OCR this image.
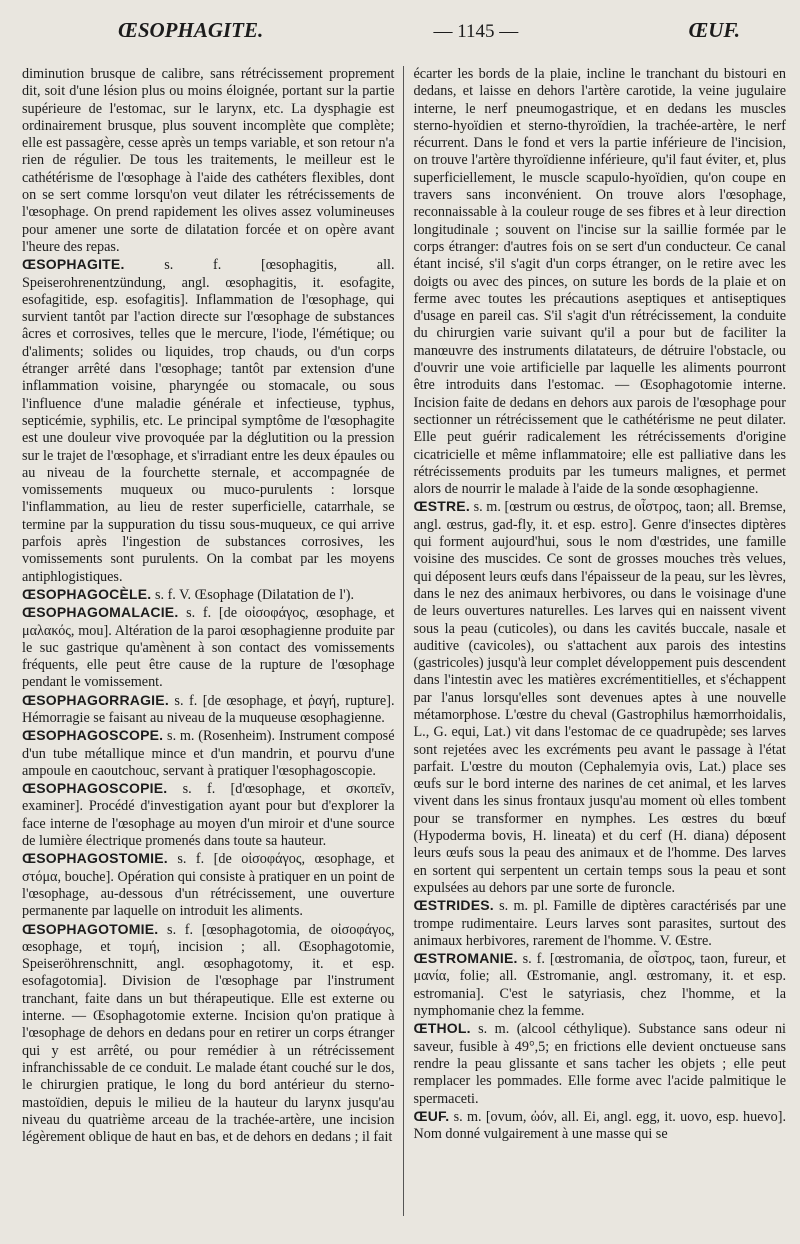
ŒSOPHAGITE.	— 1145 —	ŒUF.

diminution brusque de calibre, sans rétrécissement proprement dit, soit d'une lésion plus ou moins éloignée, portant sur la partie supérieure de l'estomac, sur le larynx, etc. La dysphagie est ordinairement brusque, plus souvent incomplète que complète; elle est passagère, cesse après un temps variable, et son retour n'a rien de régulier. De tous les traitements, le meilleur est le cathétérisme de l'œsophage à l'aide des cathéters flexibles, dont on se sert comme lorsqu'on veut dilater les rétrécissements de l'œsophage. On prend rapidement les olives assez volumineuses pour amener une sorte de dilatation forcée et on opère avant l'heure des repas.

ŒSOPHAGITE. s. f. [œsophagitis, all. Speiserohrenentzündung, angl. œsophagitis, it. esofagite, esofagitide, esp. esofagitis]. Inflammation de l'œsophage, qui survient tantôt par l'action directe sur l'œsophage de substances âcres et corrosives, telles que le mercure, l'iode, l'émétique; ou d'aliments; solides ou liquides, trop chauds, ou d'un corps étranger arrêté dans l'œsophage; tantôt par extension d'une inflammation voisine, pharyngée ou stomacale, ou sous l'influence d'une maladie générale et infectieuse, typhus, septicémie, syphilis, etc. Le principal symptôme de l'œsophagite est une douleur vive provoquée par la déglutition ou la pression sur le trajet de l'œsophage, et s'irradiant entre les deux épaules ou au niveau de la fourchette sternale, et accompagnée de vomissements muqueux ou muco-purulents : lorsque l'inflammation, au lieu de rester superficielle, catarrhale, se termine par la suppuration du tissu sous-muqueux, ce qui arrive parfois après l'ingestion de substances corrosives, les vomissements sont purulents. On la combat par les moyens antiphlogistiques.

ŒSOPHAGOCÈLE. s. f. V. Œsophage (Dilatation de l').

ŒSOPHAGOMALACIE. s. f. [de οἰσοφάγος, œsophage, et μαλακός, mou]. Altération de la paroi œsophagienne produite par le suc gastrique qu'amènent à son contact des vomissements fréquents, elle peut être cause de la rupture de l'œsophage pendant le vomissement.

ŒSOPHAGORRAGIE. s. f. [de œsophage, et ῥαγή, rupture]. Hémorragie se faisant au niveau de la muqueuse œsophagienne.

ŒSOPHAGOSCOPE. s. m. (Rosenheim). Instrument composé d'un tube métallique mince et d'un mandrin, et pourvu d'une ampoule en caoutchouc, servant à pratiquer l'œsophagoscopie.

ŒSOPHAGOSCOPIE. s. f. [d'œsophage, et σκοπεῖν, examiner]. Procédé d'investigation ayant pour but d'explorer la face interne de l'œsophage au moyen d'un miroir et d'une source de lumière électrique promenés dans toute sa hauteur.

ŒSOPHAGOSTOMIE. s. f. [de οἰσοφάγος, œsophage, et στόμα, bouche]. Opération qui consiste à pratiquer en un point de l'œsophage, au-dessous d'un rétrécissement, une ouverture permanente par laquelle on introduit les aliments.

ŒSOPHAGOTOMIE. s. f. [œsophagotomia, de οἰσοφάγος, œsophage, et τομή, incision ; all. Œsophagotomie, Speiseröhrenschnitt, angl. œsophagotomy, it. et esp. esofagotomia]. Division de l'œsophage par l'instrument tranchant, faite dans un but thérapeutique. Elle est externe ou interne. — Œsophagotomie externe. Incision qu'on pratique à l'œsophage de dehors en dedans pour en retirer un corps étranger qui y est arrêté, ou pour remédier à un rétrécissement infranchissable de ce conduit. Le malade étant couché sur le dos, le chirurgien pratique, le long du bord antérieur du sterno-mastoïdien, depuis le milieu de la hauteur du larynx jusqu'au niveau du quatrième arceau de la trachée-artère, une incision légèrement oblique de haut en bas, et de dehors en dedans ; il fait

écarter les bords de la plaie, incline le tranchant du bistouri en dedans, et laisse en dehors l'artère carotide, la veine jugulaire interne, le nerf pneumogastrique, et en dedans les muscles sterno-hyoïdien et sterno-thyroïdien, la trachée-artère, le nerf récurrent. Dans le fond et vers la partie inférieure de l'incision, on trouve l'artère thyroïdienne inférieure, qu'il faut éviter, et, plus superficiellement, le muscle scapulo-hyoïdien, qu'on coupe en travers sans inconvénient. On trouve alors l'œsophage, reconnaissable à la couleur rouge de ses fibres et à leur direction longitudinale ; souvent on l'incise sur la saillie formée par le corps étranger: d'autres fois on se sert d'un conducteur. Ce canal étant incisé, s'il s'agit d'un corps étranger, on le retire avec les doigts ou avec des pinces, on suture les bords de la plaie et on ferme avec toutes les précautions aseptiques et antiseptiques d'usage en pareil cas. S'il s'agit d'un rétrécissement, la conduite du chirurgien varie suivant qu'il a pour but de faciliter la manœuvre des instruments dilatateurs, de détruire l'obstacle, ou d'ouvrir une voie artificielle par laquelle les aliments pourront être introduits dans l'estomac. — Œsophagotomie interne. Incision faite de dedans en dehors aux parois de l'œsophage pour sectionner un rétrécissement que le cathétérisme ne peut dilater. Elle peut guérir radicalement les rétrécissements d'origine cicatricielle et même inflammatoire; elle est palliative dans les rétrécissements produits par les tumeurs malignes, et permet alors de nourrir le malade à l'aide de la sonde œsophagienne.

ŒSTRE. s. m. [œstrum ou œstrus, de οἶστρος, taon; all. Bremse, angl. œstrus, gad-fly, it. et esp. estro]. Genre d'insectes diptères qui forment aujourd'hui, sous le nom d'œstrides, une famille voisine des muscides. Ce sont de grosses mouches très velues, qui déposent leurs œufs dans l'épaisseur de la peau, sur les lèvres, dans le nez des animaux herbivores, ou dans le voisinage d'une de leurs ouvertures naturelles. Les larves qui en naissent vivent sous la peau (cuticoles), ou dans les cavités buccale, nasale et auditive (cavicoles), ou s'attachent aux parois des intestins (gastricoles) jusqu'à leur complet développement puis descendent dans l'intestin avec les matières excrémentitielles, et s'échappent par l'anus lorsqu'elles sont devenues aptes à une nouvelle métamorphose. L'œstre du cheval (Gastrophilus hæmorrhoidalis, L., G. equi, Lat.) vit dans l'estomac de ce quadrupède; ses larves sont rejetées avec les excréments peu avant le passage à l'état parfait. L'œstre du mouton (Cephalemyia ovis, Lat.) place ses œufs sur le bord interne des narines de cet animal, et les larves vivent dans les sinus frontaux jusqu'au moment où elles tombent pour se transformer en nymphes. Les œstres du bœuf (Hypoderma bovis, H. lineata) et du cerf (H. diana) déposent leurs œufs sous la peau des animaux et de l'homme. Des larves en sortent qui serpentent un certain temps sous la peau et sont expulsées au dehors par une sorte de furoncle.

ŒSTRIDES. s. m. pl. Famille de diptères caractérisés par une trompe rudimentaire. Leurs larves sont parasites, surtout des animaux herbivores, rarement de l'homme. V. Œstre.

ŒSTROMANIE. s. f. [œstromania, de οἶστρος, taon, fureur, et μανία, folie; all. Œstromanie, angl. œstromany, it. et esp. estromania]. C'est le satyriasis, chez l'homme, et la nymphomanie chez la femme.

ŒTHOL. s. m. (alcool céthylique). Substance sans odeur ni saveur, fusible à 49°,5; en frictions elle devient onctueuse sans rendre la peau glissante et sans tacher les objets ; elle peut remplacer les pommades. Elle forme avec l'acide palmitique le spermaceti.

ŒUF. s. m. [ovum, ὠόν, all. Ei, angl. egg, it. uovo, esp. huevo]. Nom donné vulgairement à une masse qui se
